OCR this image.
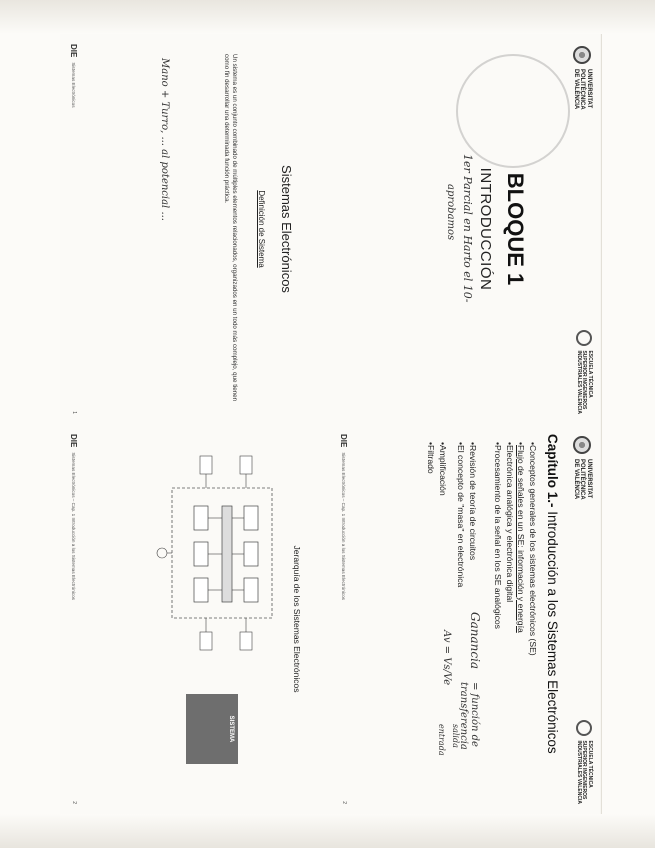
UNIVERSITAT
POLITÈCNICA
DE VALÈNCIA
ESCUELA TÉCNICA
SUPERIOR INGENIEROS
INDUSTRIALES VALENCIA
BLOQUE 1
INTRODUCCIÓN
1er Parcial en Harto el 10-
aprobamos
UNIVERSITAT
POLITÈCNICA
DE VALÈNCIA
ESCUELA TÉCNICA
SUPERIOR INGENIEROS
INDUSTRIALES VALENCIA
Capítulo 1.- Introducción a los Sistemas Electrónicos
• Conceptos generales de los sistemas electrónicos (SE)
• Flujo de señales en un SE: información y energía
• Electrónica analógica y electrónica digital
• Procesamiento de la señal en los SE analógicos
• Revisión de teoría de circuitos
• El concepto de "masa" en electrónica
• Amplificación
• Filtrado
Ganancia
= función de transferencia
Av = Vs/Ve
salida
entrada
DIE
Sistemas Electrónicos – Cap. 1 Introducción a los Sistemas Electrónicos
2
Sistemas Electrónicos
Definición de Sistema
Un sistema es un conjunto combinado de múltiples elementos relacionados, organizados en un todo más complejo, que tienen como fin desarrollar una determinada función práctica.
Mano + Turro, ... al potencial ...
DIE
Sistemas Electrónicos
1
Jerarquía de los Sistemas Electrónicos
SISTEMA
DIE
Sistemas Electrónicos – Cap. 1 Introducción a los Sistemas Electrónicos
2
